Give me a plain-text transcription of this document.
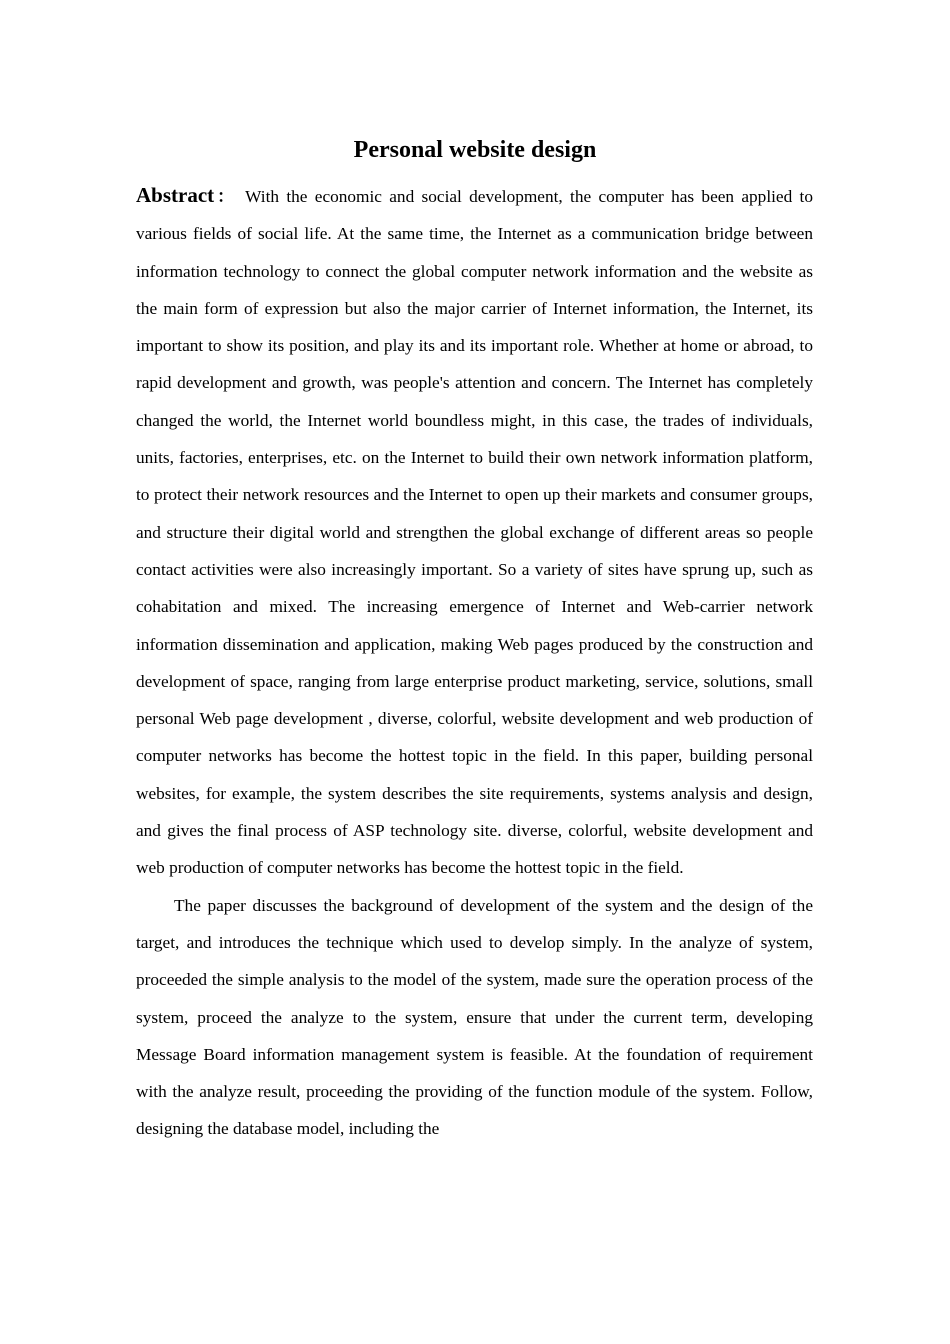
Personal website design

Abstract： With the economic and social development, the computer has been applied to various fields of social life. At the same time, the Internet as a communication bridge between information technology to connect the global computer network information and the website as the main form of expression but also the major carrier of Internet information, the Internet, its important to show its position, and play its and its important role. Whether at home or abroad, to rapid development and growth, was people's attention and concern. The Internet has completely changed the world, the Internet world boundless might, in this case, the trades of individuals, units, factories, enterprises, etc. on the Internet to build their own network information platform, to protect their network resources and the Internet to open up their markets and consumer groups, and structure their digital world and strengthen the global exchange of different areas so people contact activities were also increasingly important. So a variety of sites have sprung up, such as cohabitation and mixed. The increasing emergence of Internet and Web-carrier network information dissemination and application, making Web pages produced by the construction and development of space, ranging from large enterprise product marketing, service, solutions, small personal Web page development , diverse, colorful, website development and web production of computer networks has become the hottest topic in the field. In this paper, building personal websites, for example, the system describes the site requirements, systems analysis and design, and gives the final process of ASP technology site. diverse, colorful, website development and web production of computer networks has become the hottest topic in the field.

The paper discusses the background of development of the system and the design of the target, and introduces the technique which used to develop simply. In the analyze of system, proceeded the simple analysis to the model of the system, made sure the operation process of the system, proceed the analyze to the system, ensure that under the current term, developing Message Board information management system is feasible. At the foundation of requirement with the analyze result, proceeding the providing of the function module of the system. Follow, designing the database model, including the
